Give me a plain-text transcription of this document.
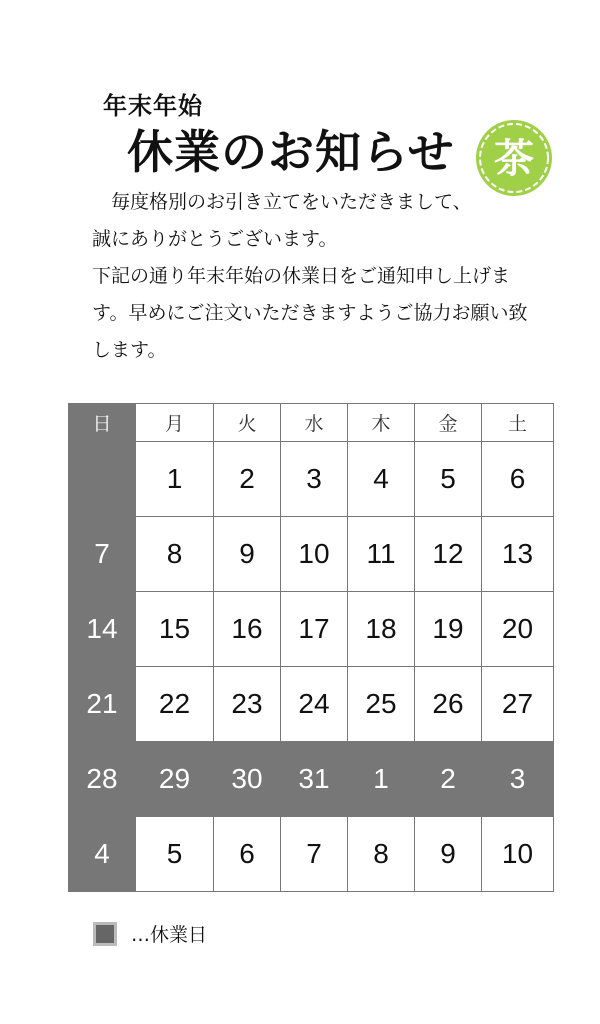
年末年始
休業のお知らせ 茶

　毎度格別のお引き立てをいただきまして、

誠にありがとうございます。

下記の通り年末年始の休業日をご通知申し上げま

す。早めにご注文いただきますようご協力お願い致

します。

日	月	火	水	木	金	土
	1	2	3	4	5	6
7	8	9	10	11	12	13
14	15	16	17	18	19	20
21	22	23	24	25	26	27
28	29	30	31	1	2	3
4	5	6	7	8	9	10
…休業日
